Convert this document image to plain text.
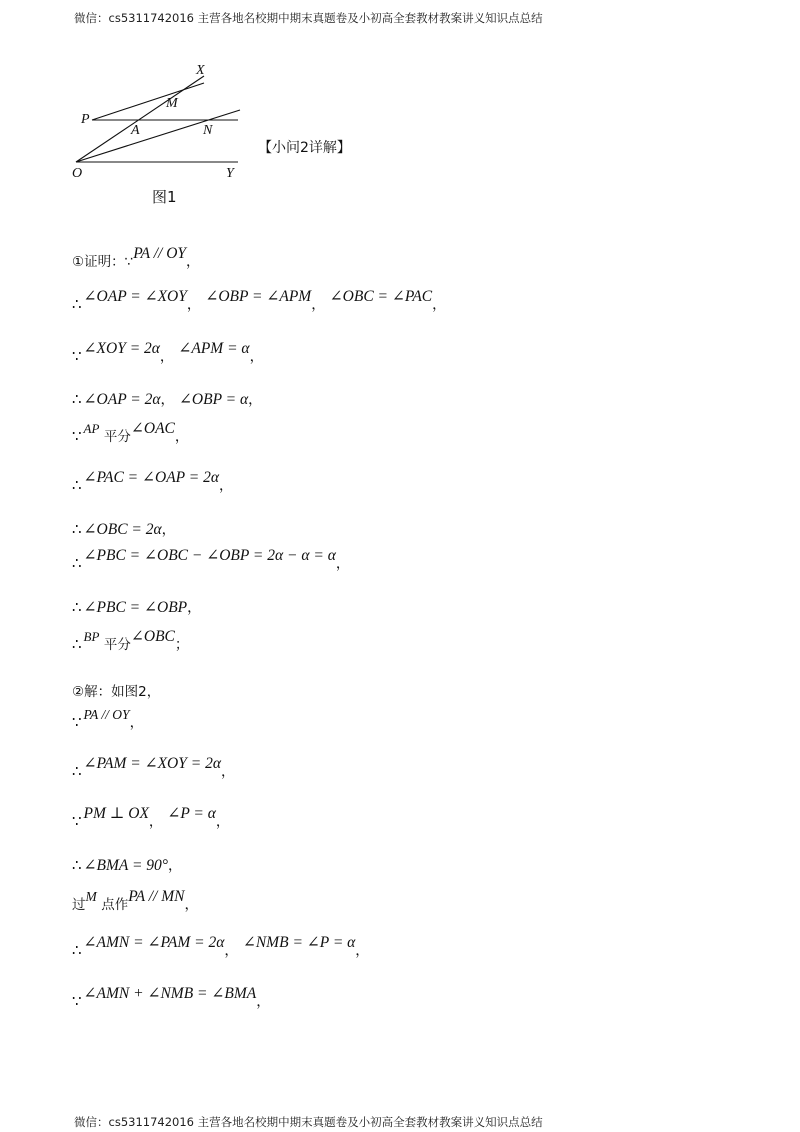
微信：cs5311742016 主营各地名校期中期末真题卷及小初高全套教材教案讲义知识点总结
X
M
P
A	N
O	Y
图1
【小问2详解】
①证明：∵PA // OY，
∴ ∠OAP = ∠XOY， ∠OBP = ∠APM， ∠OBC = ∠PAC，
∵ ∠XOY = 2α， ∠APM = α，
∴ ∠OAP = 2α， ∠OBP = α，
∵ AP 平分∠OAC，
∴ ∠PAC = ∠OAP = 2α，
∴ ∠OBC = 2α，
∴ ∠PBC = ∠OBC − ∠OBP = 2α − α = α，
∴ ∠PBC = ∠OBP，
∴ BP 平分∠OBC；
②解：如图2，
∵ PA // OY，
∴ ∠PAM = ∠XOY = 2α，
∵ PM ⊥ OX， ∠P = α，
∴ ∠BMA = 90°，
过M 点作PA // MN，
∴ ∠AMN = ∠PAM = 2α， ∠NMB = ∠P = α，
∵ ∠AMN + ∠NMB = ∠BMA，
微信：cs5311742016 主营各地名校期中期末真题卷及小初高全套教材教案讲义知识点总结
